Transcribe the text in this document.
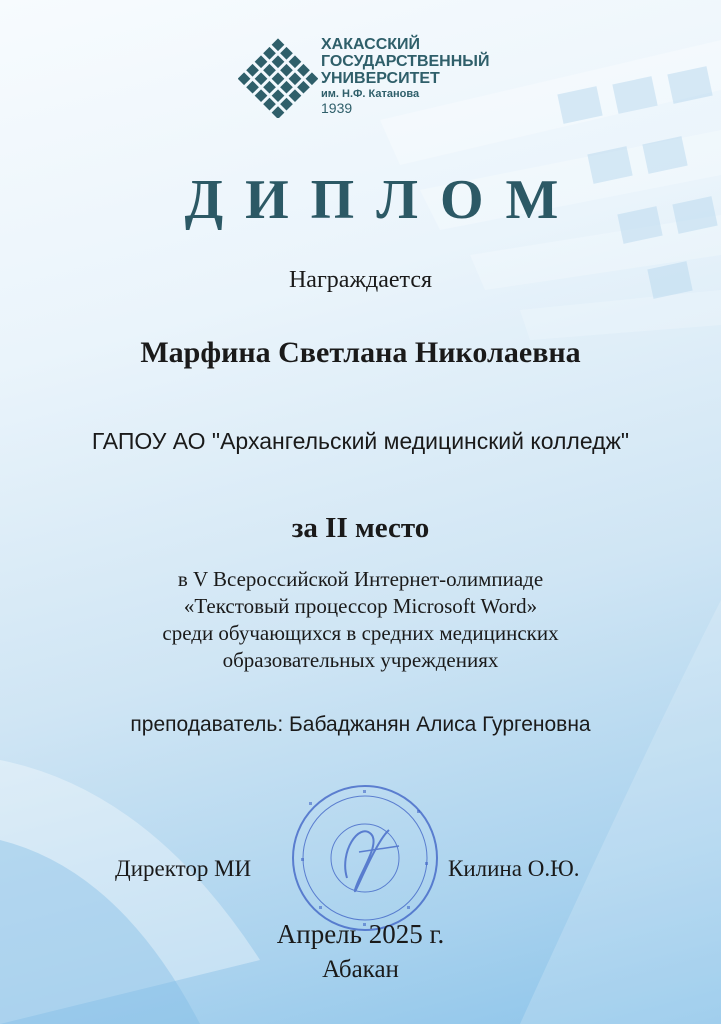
ХАКАССКИЙ
ГОСУДАРСТВЕННЫЙ
УНИВЕРСИТЕТ
им. Н.Ф. Катанова
1939
ДИПЛОМ
Награждается
Марфина Светлана Николаевна
ГАПОУ АО "Архангельский медицинский колледж"
за II место
в V Всероссийской Интернет-олимпиаде
«Текстовый процессор Microsoft Word»
среди обучающихся в средних медицинских
образовательных учреждениях
преподаватель: Бабаджанян Алиса Гургеновна
Директор МИ	Килина О.Ю.
Апрель 2025 г.
Абакан
